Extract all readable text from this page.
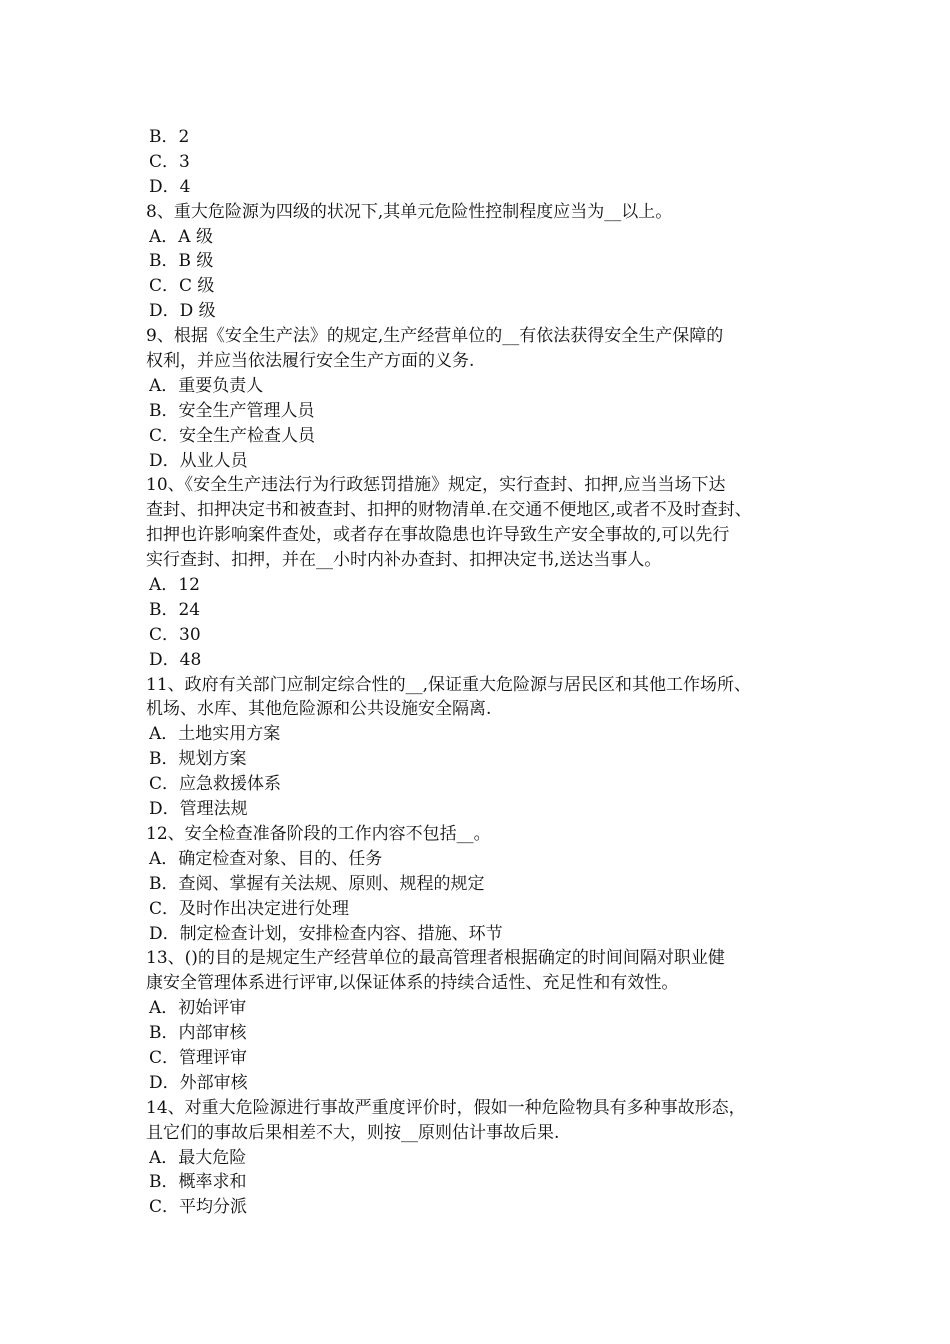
B．2
C．3
D．4
8、重大危险源为四级的状况下,其单元危险性控制程度应当为__以上。
A．A 级
B．B 级
C．C 级
D．D 级
9、根据《安全生产法》的规定,生产经营单位的__有依法获得安全生产保障的
权利，并应当依法履行安全生产方面的义务.
A．重要负责人
B．安全生产管理人员
C．安全生产检查人员
D．从业人员
10、《安全生产违法行为行政惩罚措施》规定，实行查封、扣押,应当当场下达
查封、扣押决定书和被查封、扣押的财物清单.在交通不便地区,或者不及时查封、
扣押也许影响案件查处，或者存在事故隐患也许导致生产安全事故的,可以先行
实行查封、扣押，并在__小时内补办查封、扣押决定书,送达当事人。
A．12
B．24
C．30
D．48
11、政府有关部门应制定综合性的__,保证重大危险源与居民区和其他工作场所、
机场、水库、其他危险源和公共设施安全隔离.
A．土地实用方案
B．规划方案
C．应急救援体系
D．管理法规
12、安全检查准备阶段的工作内容不包括__。
A．确定检查对象、目的、任务
B．查阅、掌握有关法规、原则、规程的规定
C．及时作出决定进行处理
D．制定检查计划，安排检查内容、措施、环节
13、()的目的是规定生产经营单位的最高管理者根据确定的时间间隔对职业健
康安全管理体系进行评审,以保证体系的持续合适性、充足性和有效性。
A．初始评审
B．内部审核
C．管理评审
D．外部审核
14、对重大危险源进行事故严重度评价时，假如一种危险物具有多种事故形态，
且它们的事故后果相差不大，则按__原则估计事故后果.
A．最大危险
B．概率求和
C．平均分派
